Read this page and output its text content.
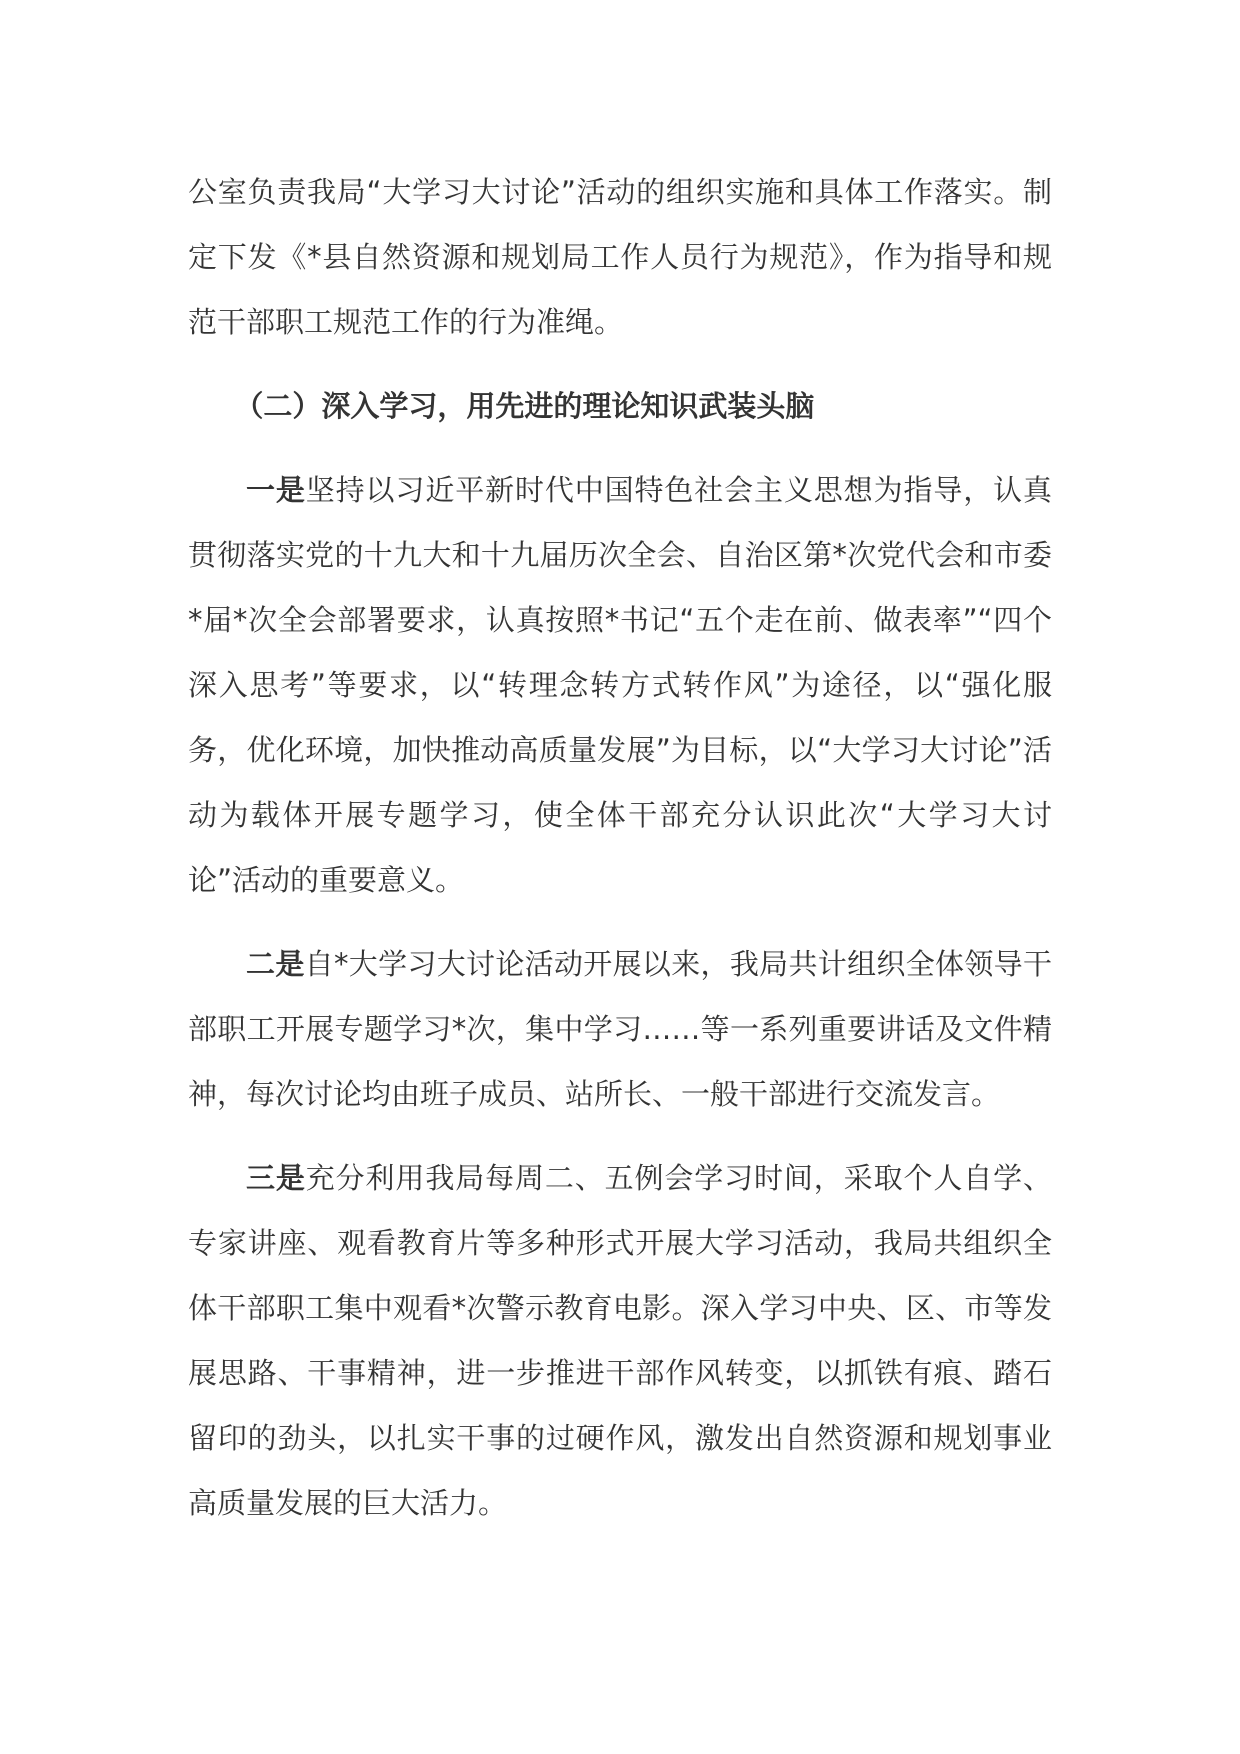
公室负责我局“大学习大讨论”活动的组织实施和具体工作落实。制定下发《*县自然资源和规划局工作人员行为规范》，作为指导和规范干部职工规范工作的行为准绳。

（二）深入学习，用先进的理论知识武装头脑

一是坚持以习近平新时代中国特色社会主义思想为指导，认真贯彻落实党的十九大和十九届历次全会、自治区第*次党代会和市委*届*次全会部署要求，认真按照*书记“五个走在前、做表率”“四个深入思考”等要求，以“转理念转方式转作风”为途径，以“强化服务，优化环境，加快推动高质量发展”为目标，以“大学习大讨论”活动为载体开展专题学习，使全体干部充分认识此次“大学习大讨论”活动的重要意义。

二是自*大学习大讨论活动开展以来，我局共计组织全体领导干部职工开展专题学习*次，集中学习……等一系列重要讲话及文件精神，每次讨论均由班子成员、站所长、一般干部进行交流发言。

三是充分利用我局每周二、五例会学习时间，采取个人自学、专家讲座、观看教育片等多种形式开展大学习活动，我局共组织全体干部职工集中观看*次警示教育电影。深入学习中央、区、市等发展思路、干事精神，进一步推进干部作风转变，以抓铁有痕、踏石留印的劲头，以扎实干事的过硬作风，激发出自然资源和规划事业高质量发展的巨大活力。
